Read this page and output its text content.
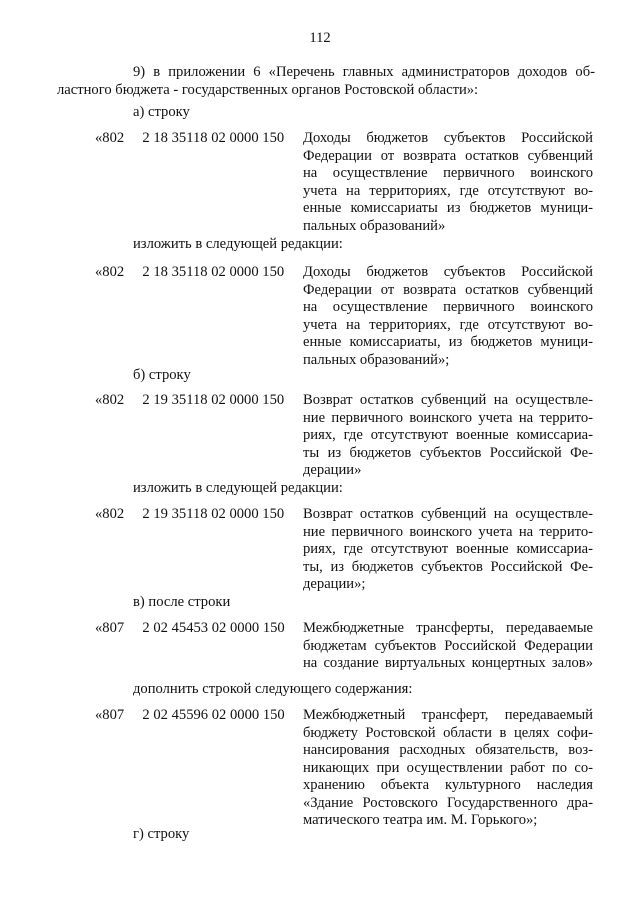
112
9) в приложении 6 «Перечень главных администраторов доходов об-
ластного бюджета - государственных органов Ростовской области»:
а) строку
«802     2 18 35118 02 0000 150 Доходы бюджетов субъектов Российской
Федерации от возврата остатков субвенций
на осуществление первичного воинского
учета на территориях, где отсутствуют во-
енные комиссариаты из бюджетов муници-
пальных образований»
изложить в следующей редакции:
«802     2 18 35118 02 0000 150 Доходы бюджетов субъектов Российской
Федерации от возврата остатков субвенций
на осуществление первичного воинского
учета на территориях, где отсутствуют во-
енные комиссариаты, из бюджетов муници-
пальных образований»;
б) строку
«802     2 19 35118 02 0000 150 Возврат остатков субвенций на осуществле-
ние первичного воинского учета на террито-
риях, где отсутствуют военные комиссариа-
ты из бюджетов субъектов Российской Фе-
дерации»
изложить в следующей редакции:
«802     2 19 35118 02 0000 150 Возврат остатков субвенций на осуществле-
ние первичного воинского учета на террито-
риях, где отсутствуют военные комиссариа-
ты, из бюджетов субъектов Российской Фе-
дерации»;
в) после строки
«807     2 02 45453 02 0000 150 Межбюджетные трансферты, передаваемые
бюджетам субъектов Российской Федерации
на создание виртуальных концертных залов»
дополнить строкой следующего содержания:
«807     2 02 45596 02 0000 150 Межбюджетный трансферт, передаваемый
бюджету Ростовской области в целях софи-
нансирования расходных обязательств, воз-
никающих при осуществлении работ по со-
хранению объекта культурного наследия
«Здание Ростовского Государственного дра-
матического театра им. М. Горького»;
г) строку
